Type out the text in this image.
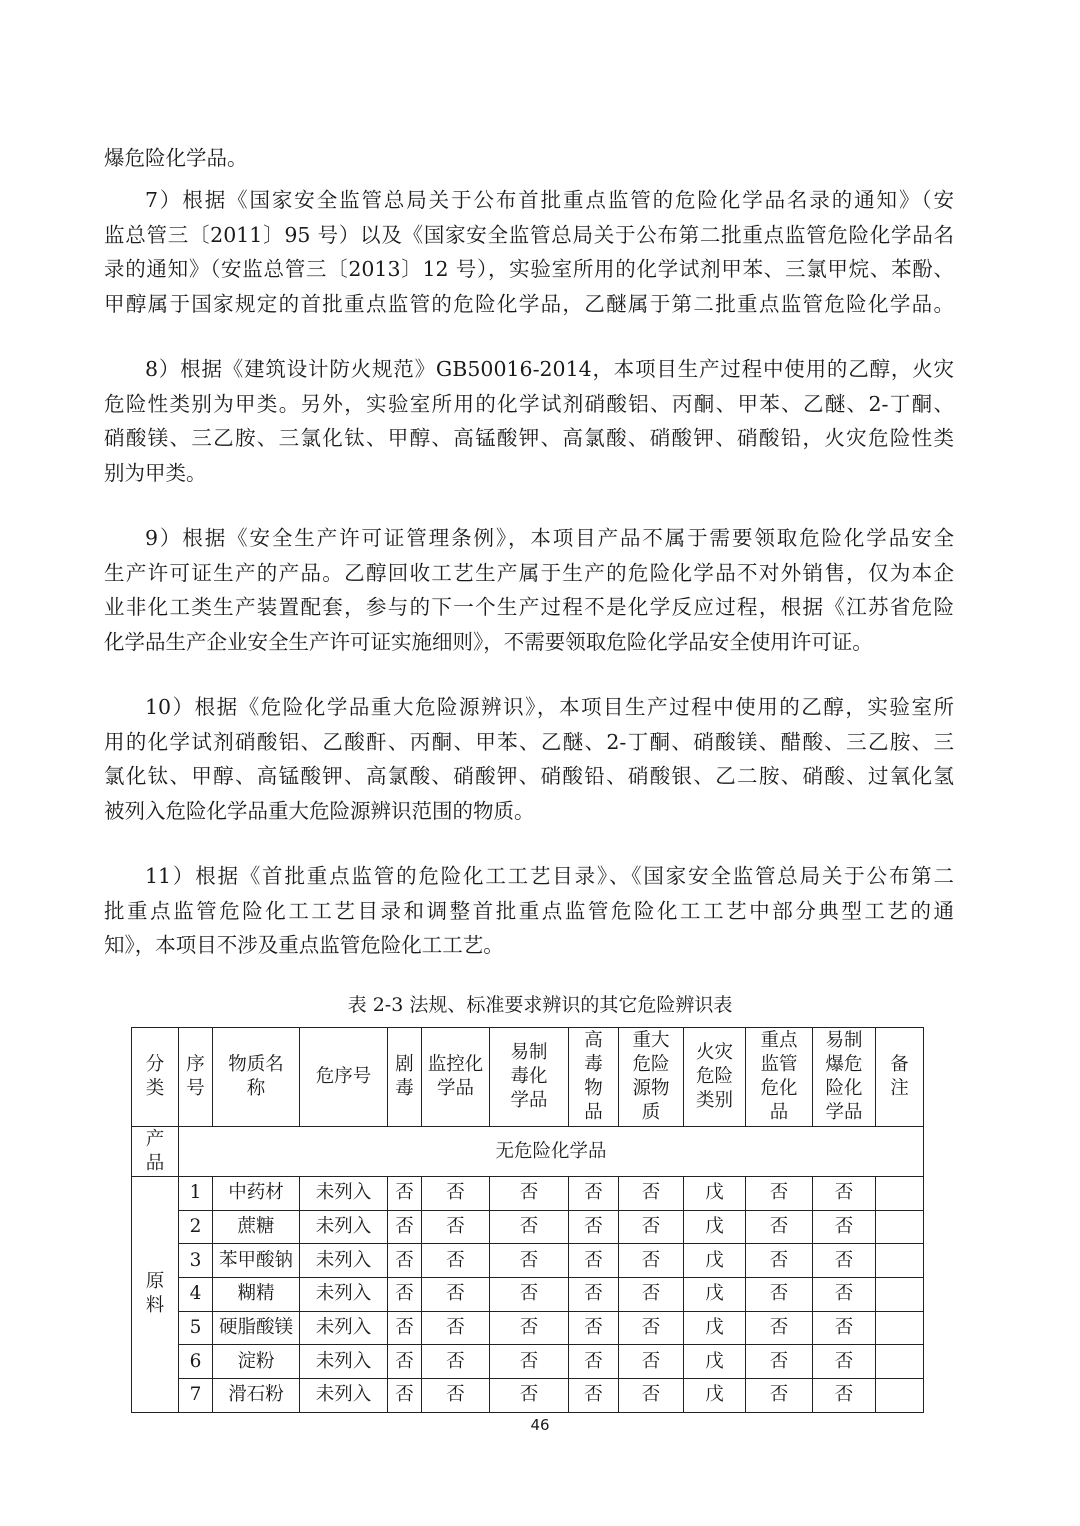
爆危险化学品。

7）根据《国家安全监管总局关于公布首批重点监管的危险化学品名录的通知》（安

监总管三〔2011〕95 号）以及《国家安全监管总局关于公布第二批重点监管危险化学品名

录的通知》（安监总管三〔2013〕12 号），实验室所用的化学试剂甲苯、三氯甲烷、苯酚、

甲醇属于国家规定的首批重点监管的危险化学品，乙醚属于第二批重点监管危险化学品。

8）根据《建筑设计防火规范》GB50016-2014，本项目生产过程中使用的乙醇，火灾

危险性类别为甲类。另外，实验室所用的化学试剂硝酸铝、丙酮、甲苯、乙醚、2-丁酮、

硝酸镁、三乙胺、三氯化钛、甲醇、高锰酸钾、高氯酸、硝酸钾、硝酸铅，火灾危险性类

别为甲类。

9）根据《安全生产许可证管理条例》，本项目产品不属于需要领取危险化学品安全

生产许可证生产的产品。乙醇回收工艺生产属于生产的危险化学品不对外销售，仅为本企

业非化工类生产装置配套，参与的下一个生产过程不是化学反应过程，根据《江苏省危险

化学品生产企业安全生产许可证实施细则》，不需要领取危险化学品安全使用许可证。

10）根据《危险化学品重大危险源辨识》，本项目生产过程中使用的乙醇，实验室所

用的化学试剂硝酸铝、乙酸酐、丙酮、甲苯、乙醚、2-丁酮、硝酸镁、醋酸、三乙胺、三

氯化钛、甲醇、高锰酸钾、高氯酸、硝酸钾、硝酸铅、硝酸银、乙二胺、硝酸、过氧化氢

被列入危险化学品重大危险源辨识范围的物质。

11）根据《首批重点监管的危险化工工艺目录》、《国家安全监管总局关于公布第二

批重点监管危险化工工艺目录和调整首批重点监管危险化工工艺中部分典型工艺的通

知》，本项目不涉及重点监管危险化工工艺。

表 2-3 法规、标准要求辨识的其它危险辨识表
分类	序号	物质名称	危序号	剧毒	监控化学品	易制毒化学品	高毒物品	重大危险源物质	火灾危险类别	重点监管危化品	易制爆危险化学品	备注

产品	无危险化学品											

原料	1	中药材	未列入	否	否	否	否	否	戊	否	否	
	2	蔗糖	未列入	否	否	否	否	否	戊	否	否	
	3	苯甲酸钠	未列入	否	否	否	否	否	戊	否	否	
	4	糊精	未列入	否	否	否	否	否	戊	否	否	
	5	硬脂酸镁	未列入	否	否	否	否	否	戊	否	否	
	6	淀粉	未列入	否	否	否	否	否	戊	否	否	
	7	滑石粉	未列入	否	否	否	否	否	戊	否	否	
46
